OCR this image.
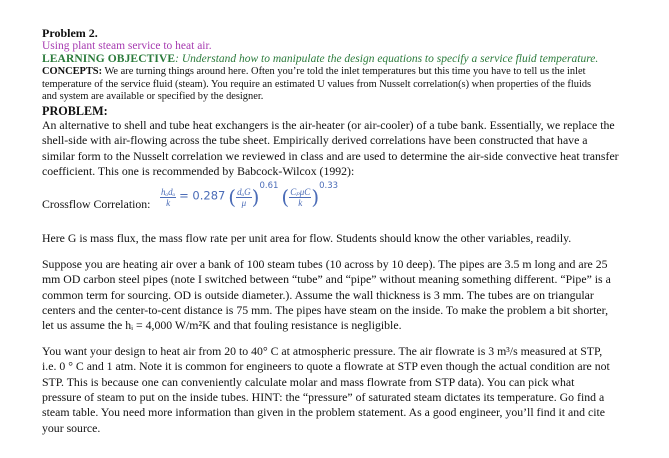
Problem 2.
Using plant steam service to heat air.
LEARNING OBJECTIVE: Understand how to manipulate the design equations to specify a service fluid temperature.
CONCEPTS: We are turning things around here. Often you’re told the inlet temperatures but this time you have to tell us the inlet
temperature of the service fluid (steam). You require an estimated U values from Nusselt correlation(s) when properties of the fluids
and system are available or specified by the designer.
PROBLEM:
An alternative to shell and tube heat exchangers is the air-heater (or air-cooler) of a tube bank. Essentially, we replace the
shell-side with air-flowing across the tube sheet. Empirically derived correlations have been constructed that have a
similar form to the Nusselt correlation we reviewed in class and are used to determine the air-side convective heat transfer
coefficient. This one is recommended by Babcock-Wilcox (1992):
Crossflow Correlation: $\frac{\text{hₒdₒ}}{k} = 0.287$ ( $\frac{\text{dₒG}}{\mu} )^{0.61}$ ( $\frac{\text{CₚμC}}{k} )^{0.33}$
Here G is mass flux, the mass flow rate per unit area for flow. Students should know the other variables, readily.
Suppose you are heating air over a bank of 100 steam tubes (10 across by 10 deep). The pipes are 3.5 m long and are 25
mm OD carbon steel pipes (note I switched between “tube” and “pipe” without meaning something different. “Pipe” is a
common term for sourcing. OD is outside diameter.). Assume the wall thickness is 3 mm. The tubes are on triangular
centers and the center-to-cent distance is 75 mm. The pipes have steam on the inside. To make the problem a bit shorter,
let us assume the hᵢ = 4,000 W/m²K and that fouling resistance is negligible.
You want your design to heat air from 20 to 40° C at atmospheric pressure. The air flowrate is 3 m³/s measured at STP,
i.e. 0 ° C and 1 atm. Note it is common for engineers to quote a flowrate at STP even though the actual condition are not
STP. This is because one can conveniently calculate molar and mass flowrate from STP data). You can pick what
pressure of steam to put on the inside tubes. HINT: the “pressure” of saturated steam dictates its temperature. Go find a
steam table. You need more information than given in the problem statement. As a good engineer, you’ll find it and cite
your source.
